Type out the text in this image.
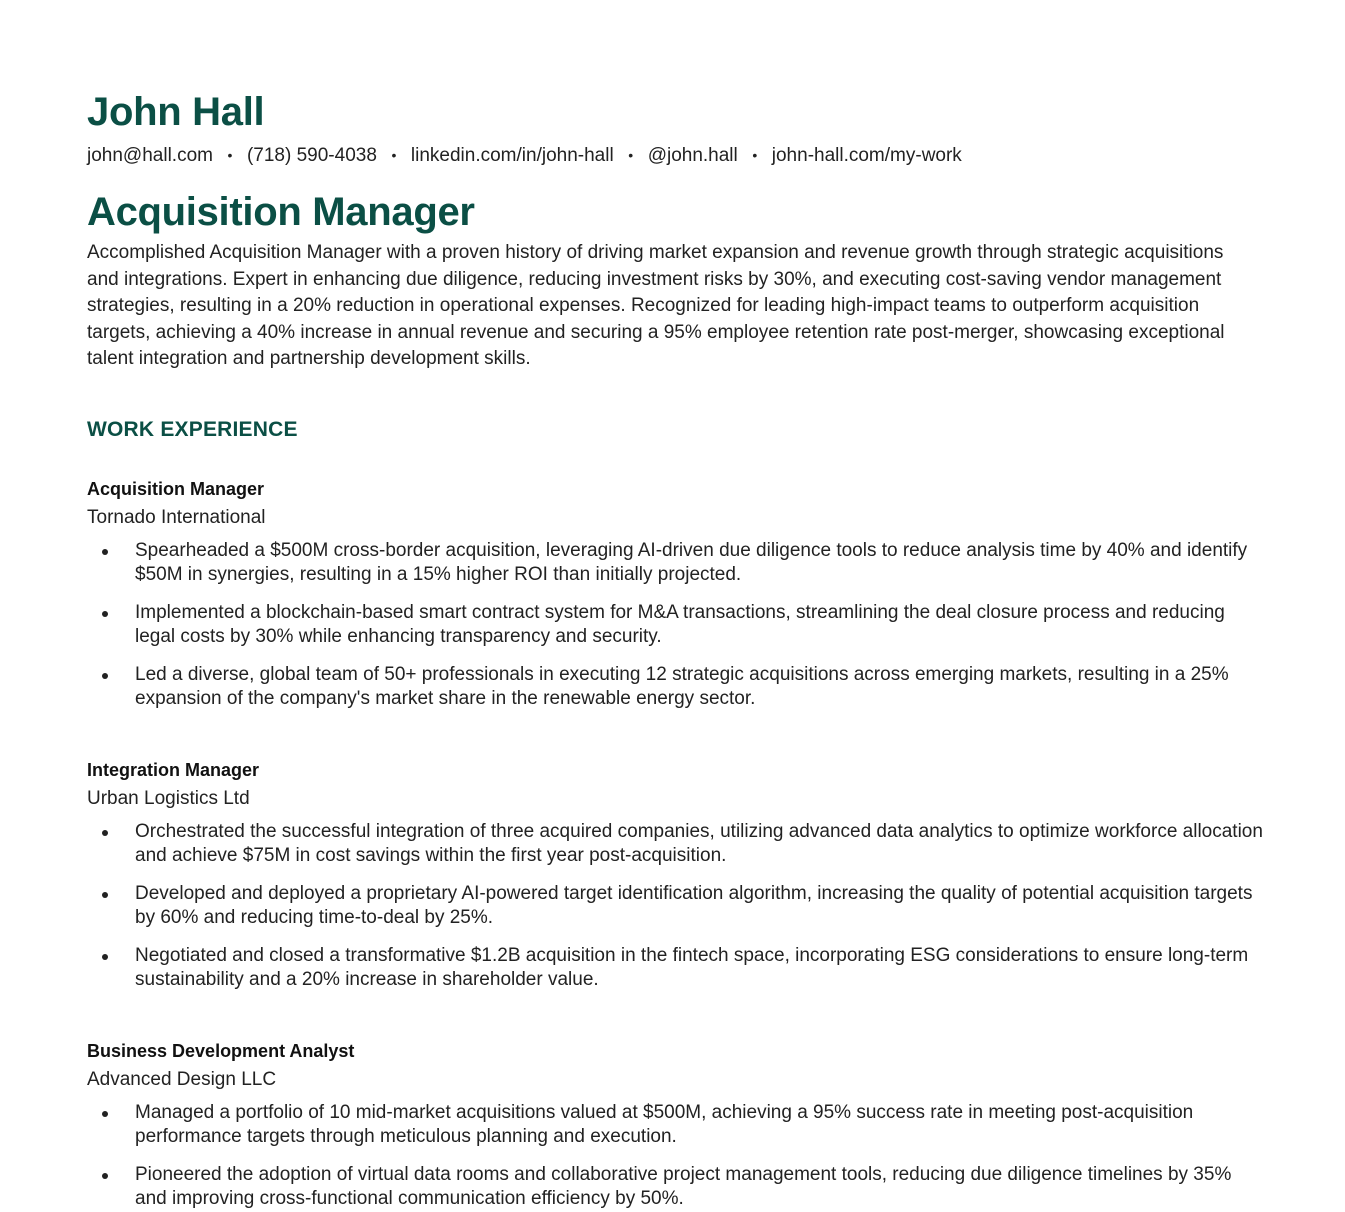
John Hall
john@hall.com • (718) 590-4038 • linkedin.com/in/john-hall • @john.hall • john-hall.com/my-work
Acquisition Manager

Accomplished Acquisition Manager with a proven history of driving market expansion and revenue growth through strategic acquisitions and integrations. Expert in enhancing due diligence, reducing investment risks by 30%, and executing cost-saving vendor management strategies, resulting in a 20% reduction in operational expenses. Recognized for leading high-impact teams to outperform acquisition targets, achieving a 40% increase in annual revenue and securing a 95% employee retention rate post-merger, showcasing exceptional talent integration and partnership development skills.

WORK EXPERIENCE
Acquisition Manager
Tornado International
Spearheaded a $500M cross-border acquisition, leveraging AI-driven due diligence tools to reduce analysis time by 40% and identify $50M in synergies, resulting in a 15% higher ROI than initially projected.
Implemented a blockchain-based smart contract system for M&A transactions, streamlining the deal closure process and reducing legal costs by 30% while enhancing transparency and security.
Led a diverse, global team of 50+ professionals in executing 12 strategic acquisitions across emerging markets, resulting in a 25% expansion of the company's market share in the renewable energy sector.
Integration Manager
Urban Logistics Ltd
Orchestrated the successful integration of three acquired companies, utilizing advanced data analytics to optimize workforce allocation and achieve $75M in cost savings within the first year post-acquisition.
Developed and deployed a proprietary AI-powered target identification algorithm, increasing the quality of potential acquisition targets by 60% and reducing time-to-deal by 25%.
Negotiated and closed a transformative $1.2B acquisition in the fintech space, incorporating ESG considerations to ensure long-term sustainability and a 20% increase in shareholder value.
Business Development Analyst
Advanced Design LLC
Managed a portfolio of 10 mid-market acquisitions valued at $500M, achieving a 95% success rate in meeting post-acquisition performance targets through meticulous planning and execution.
Pioneered the adoption of virtual data rooms and collaborative project management tools, reducing due diligence timelines by 35% and improving cross-functional communication efficiency by 50%.
